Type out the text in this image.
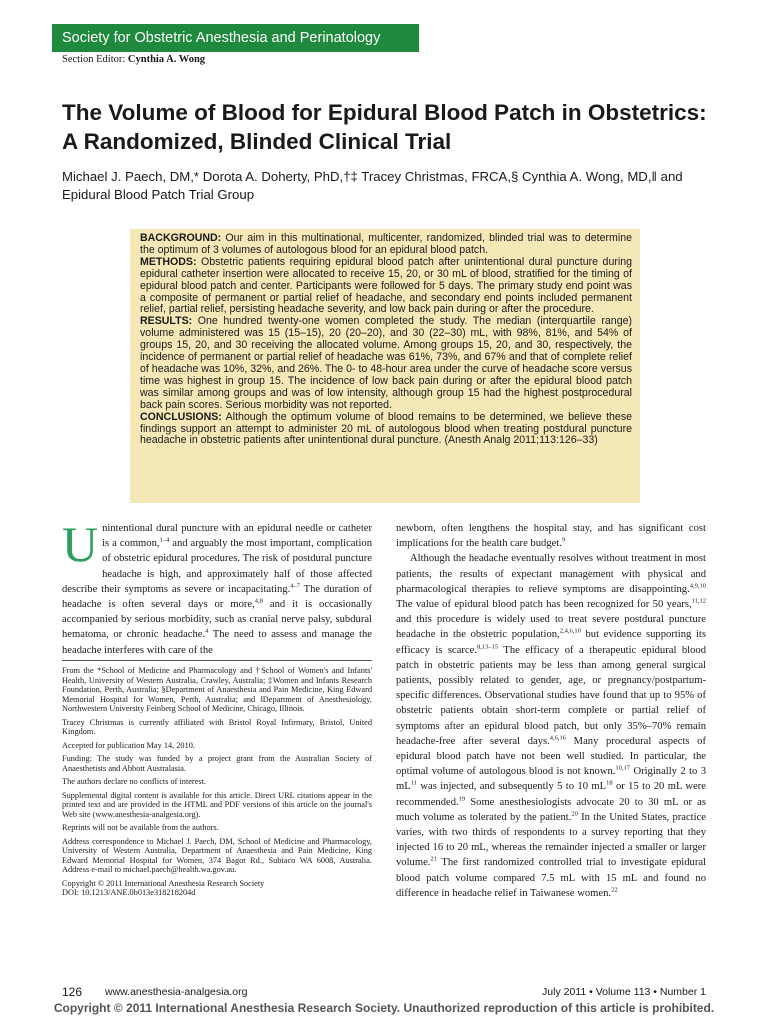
Society for Obstetric Anesthesia and Perinatology
Section Editor: Cynthia A. Wong
The Volume of Blood for Epidural Blood Patch in Obstetrics: A Randomized, Blinded Clinical Trial
Michael J. Paech, DM,* Dorota A. Doherty, PhD,†‡ Tracey Christmas, FRCA,§ Cynthia A. Wong, MD,‖ and Epidural Blood Patch Trial Group

BACKGROUND: Our aim in this multinational, multicenter, randomized, blinded trial was to determine the optimum of 3 volumes of autologous blood for an epidural blood patch.

METHODS: Obstetric patients requiring epidural blood patch after unintentional dural puncture during epidural catheter insertion were allocated to receive 15, 20, or 30 mL of blood, stratified for the timing of epidural blood patch and center. Participants were followed for 5 days. The primary study end point was a composite of permanent or partial relief of headache, and secondary end points included permanent relief, partial relief, persisting headache severity, and low back pain during or after the procedure.

RESULTS: One hundred twenty-one women completed the study. The median (interquartile range) volume administered was 15 (15–15), 20 (20–20), and 30 (22–30) mL, with 98%, 81%, and 54% of groups 15, 20, and 30 receiving the allocated volume. Among groups 15, 20, and 30, respectively, the incidence of permanent or partial relief of headache was 61%, 73%, and 67% and that of complete relief of headache was 10%, 32%, and 26%. The 0- to 48-hour area under the curve of headache score versus time was highest in group 15. The incidence of low back pain during or after the epidural blood patch was similar among groups and was of low intensity, although group 15 had the highest postprocedural back pain scores. Serious morbidity was not reported.

CONCLUSIONS: Although the optimum volume of blood remains to be determined, we believe these findings support an attempt to administer 20 mL of autologous blood when treating postdural puncture headache in obstetric patients after unintentional dural puncture. (Anesth Analg 2011;113:126–33)

Unintentional dural puncture with an epidural needle or catheter is a common,$^{1-4}$ and arguably the most important, complication of obstetric epidural procedures. The risk of postdural puncture headache is high, and approximately half of those affected describe their symptoms as severe or incapacitating.$^{4-7}$ The duration of headache is often several days or more,$^{4,8}$ and it is occasionally accompanied by serious morbidity, such as cranial nerve palsy, subdural hematoma, or chronic headache.$^4$ The need to assess and manage the headache interferes with care of the

From the *School of Medicine and Pharmacology and †School of Women's and Infants' Health, University of Western Australia, Crawley, Australia; ‡Women and Infants Research Foundation, Perth, Australia; §Department of Anaesthesia and Pain Medicine, King Edward Memorial Hospital for Women, Perth, Australia; and ‖Department of Anesthesiology, Northwestern University Feinberg School of Medicine, Chicago, Illinois.

Tracey Christmas is currently affiliated with Bristol Royal Infirmary, Bristol, United Kingdom.

Accepted for publication May 14, 2010.

Funding: The study was funded by a project grant from the Australian Society of Anaesthetists and Abbott Australasia.

The authors declare no conflicts of interest.

Supplemental digital content is available for this article. Direct URL citations appear in the printed text and are provided in the HTML and PDF versions of this article on the journal's Web site (www.anesthesia-analgesia.org).

Reprints will not be available from the authors.

Address correspondence to Michael J. Paech, DM, School of Medicine and Pharmacology, University of Western Australia, Department of Anaesthesia and Pain Medicine, King Edward Memorial Hospital for Women, 374 Bagot Rd., Subiaco WA 6008, Australia. Address e-mail to michael.paech@health.wa.gov.au.

Copyright © 2011 International Anesthesia Research Society
DOI: 10.1213/ANE.0b013e318218204d

newborn, often lengthens the hospital stay, and has significant cost implications for the health care budget.$^9$

Although the headache eventually resolves without treatment in most patients, the results of expectant management with physical and pharmacological therapies to relieve symptoms are disappointing.$^{4,9,10}$ The value of epidural blood patch has been recognized for 50 years,$^{11,12}$ and this procedure is widely used to treat severe postdural puncture headache in the obstetric population,$^{2,4,6,10}$ but evidence supporting its efficacy is scarce.$^{8,13-15}$ The efficacy of a therapeutic epidural blood patch in obstetric patients may be less than among general surgical patients, possibly related to gender, age, or pregnancy/postpartum-specific differences. Observational studies have found that up to 95% of obstetric patients obtain short-term complete or partial relief of symptoms after an epidural blood patch, but only 35%–70% remain headache-free after several days.$^{4,6,16}$ Many procedural aspects of epidural blood patch have not been well studied. In particular, the optimal volume of autologous blood is not known.$^{10,17}$ Originally 2 to 3 $mL^{11}$ was injected, and subsequently 5 to 10 $mL^{18}$ or 15 to 20 mL were recommended.$^{19}$ Some anesthesiologists advocate 20 to 30 mL or as much volume as tolerated by the patient.$^{20}$ In the United States, practice varies, with two thirds of respondents to a survey reporting that they injected 16 to 20 mL, whereas the remainder injected a smaller or larger volume.$^{21}$ The first randomized controlled trial to investigate epidural blood patch volume compared 7.5 mL with 15 mL and found no difference in headache relief in Taiwanese women.$^{22}$

126 www.anesthesia-analgesia.org	July 2011 • Volume 113 • Number 1
Copyright © 2011 International Anesthesia Research Society. Unauthorized reproduction of this article is prohibited.
